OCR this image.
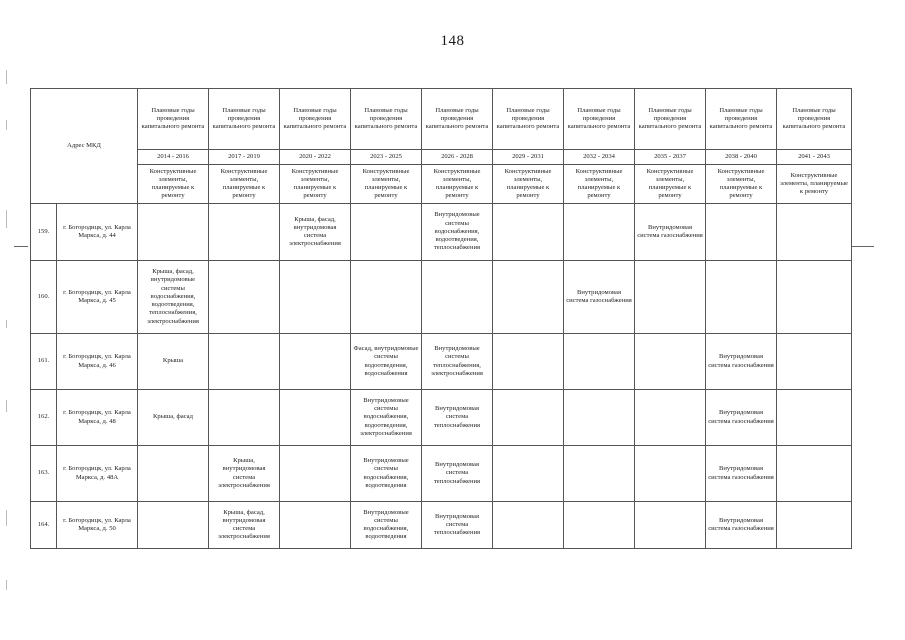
148
Адрес МКД		Плановые годы проведения капитального ремонта	Плановые годы проведения капитального ремонта	Плановые годы проведения капитального ремонта	Плановые годы проведения капитального ремонта	Плановые годы проведения капитального ремонта	Плановые годы проведения капитального ремонта	Плановые годы проведения капитального ремонта	Плановые годы проведения капитального ремонта	Плановые годы проведения капитального ремонта	Плановые годы проведения капитального ремонта
		2014 - 2016	2017 - 2019	2020 - 2022	2023 - 2025	2026 - 2028	2029 - 2031	2032 - 2034	2035 - 2037	2038 - 2040	2041 - 2043
		Конструктивные элементы, планируемые к ремонту	Конструктивные элементы, планируемые к ремонту	Конструктивные элементы, планируемые к ремонту	Конструктивные элементы, планируемые к ремонту	Конструктивные элементы, планируемые к ремонту	Конструктивные элементы, планируемые к ремонту	Конструктивные элементы, планируемые к ремонту	Конструктивные элементы, планируемые к ремонту	Конструктивные элементы, планируемые к ремонту	Конструктивные элементы, планируемые к ремонту
159.	г. Богородицк, ул. Карла Маркса, д. 44			Крыша, фасад, внутридомовая система электроснабжения		Внутридомовые системы водоснабжения, водоотведения, теплоснабжения			Внутридомовая система газоснабжения		
160.	г. Богородицк, ул. Карла Маркса, д. 45	Крыша, фасад, внутридомовые системы водоснабжения, водоотведения, теплоснабжения, электроснабжения						Внутридомовая система газоснабжения			
161.	г. Богородицк, ул. Карла Маркса, д. 46	Крыша			Фасад, внутридомовые системы водоотведения, водоснабжения	Внутридомовые системы теплоснабжения, электроснабжения				Внутридомовая система газоснабжения	
162.	г. Богородицк, ул. Карла Маркса, д. 48	Крыша, фасад			Внутридомовые системы водоснабжения, водоотведения, электроснабжения	Внутридомовая система теплоснабжения				Внутридомовая система газоснабжения	
163.	г. Богородицк, ул. Карла Маркса, д. 48А		Крыша, внутридомовая система электроснабжения		Внутридомовые системы водоснабжения, водоотведения	Внутридомовая система теплоснабжения				Внутридомовая система газоснабжения	
164.	г. Богородицк, ул. Карла Маркса, д. 50		Крыша, фасад, внутридомовая система электроснабжения		Внутридомовые системы водоснабжения, водоотведения	Внутридомовая система теплоснабжения				Внутридомовая система газоснабжения	
